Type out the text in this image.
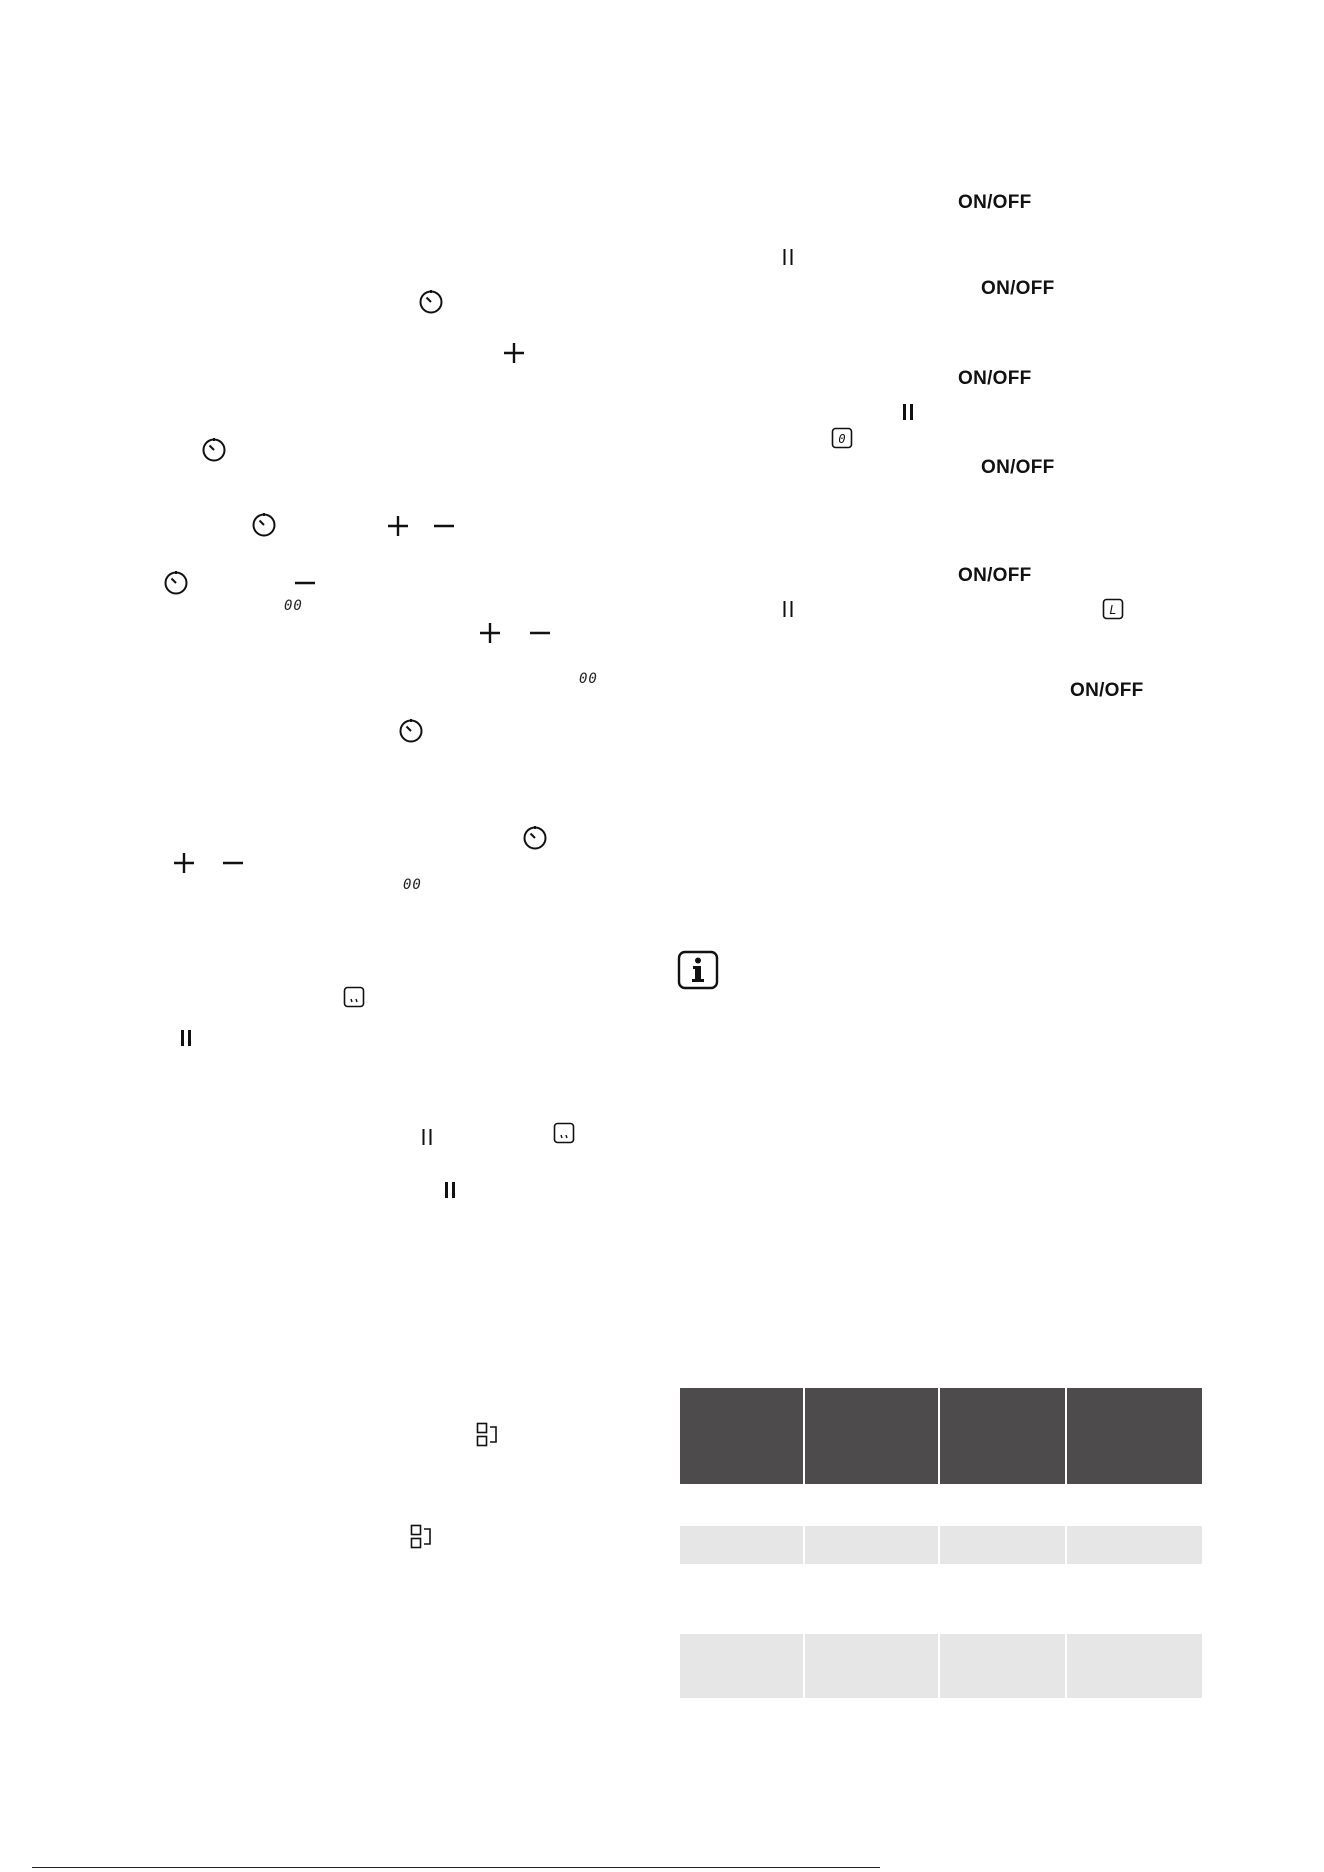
00
00
00
ON/OFF
ON/OFF
ON/OFF
0
ON/OFF
ON/OFF
L
ON/OFF
